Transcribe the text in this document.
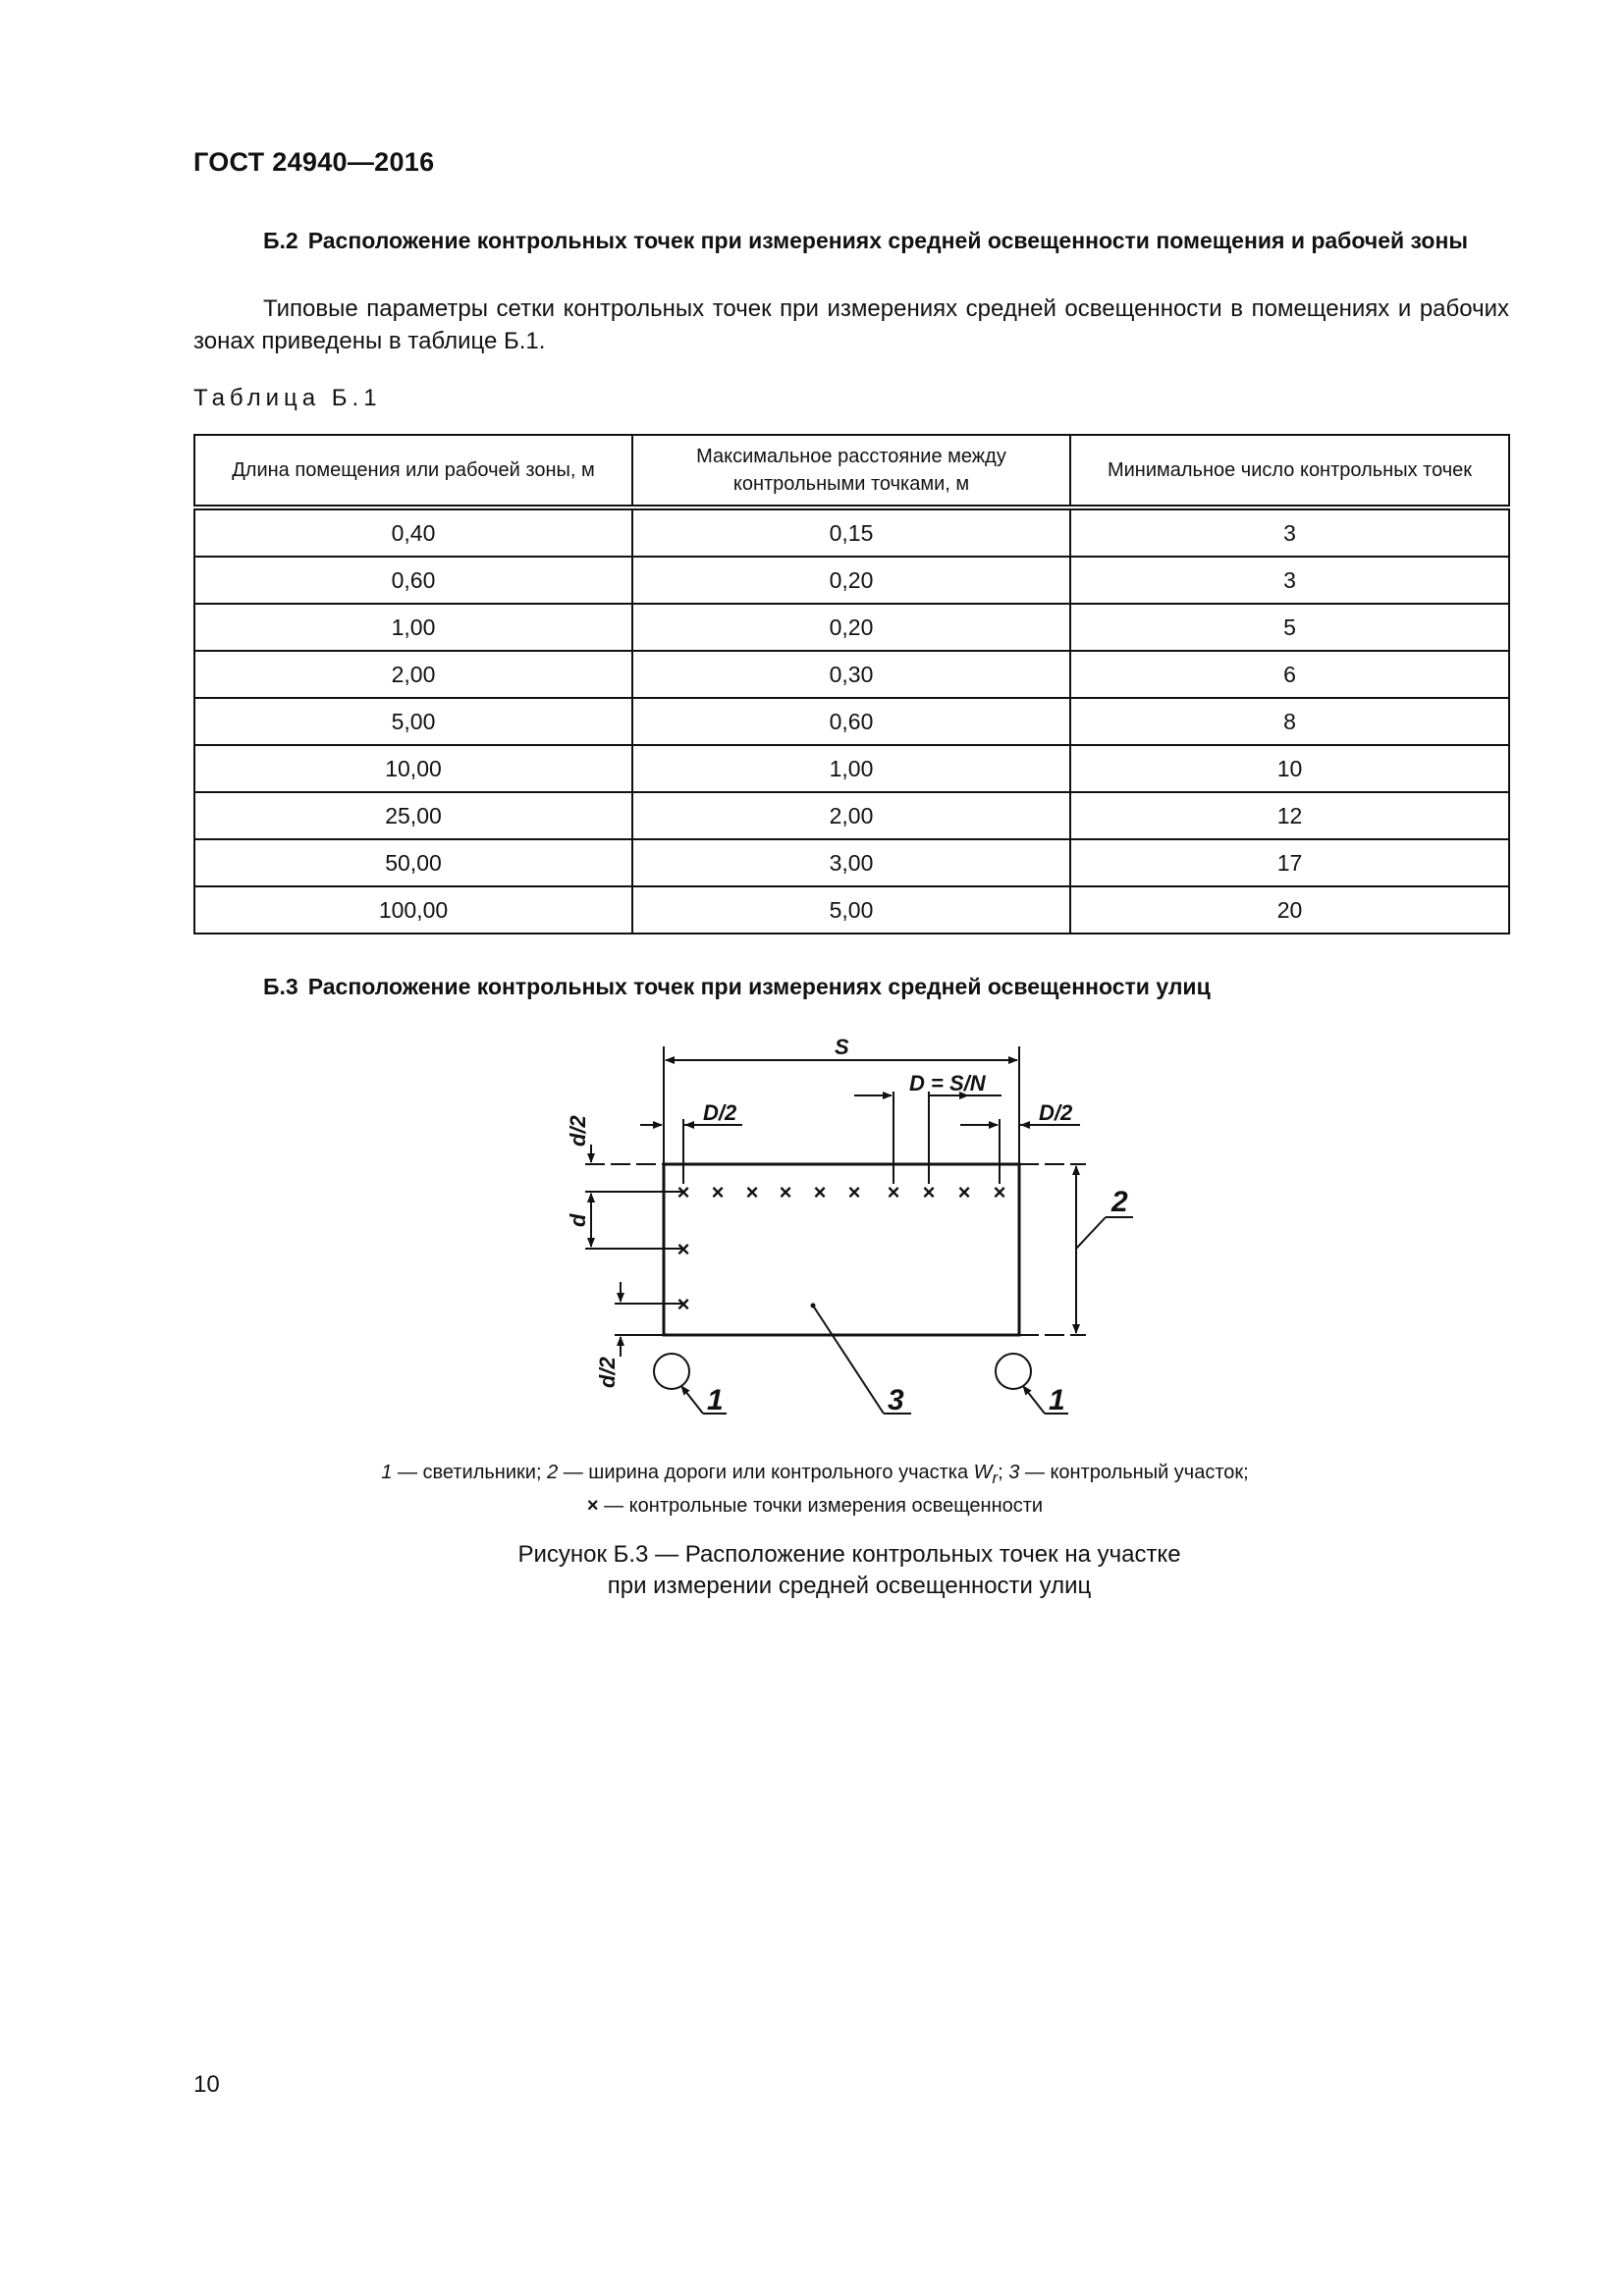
ГОСТ 24940—2016
Б.2 Расположение контрольных точек при измерениях средней освещенности помещения и рабочей зоны
Типовые параметры сетки контрольных точек при измерениях средней освещенности в помещениях и рабочих зонах приведены в таблице Б.1.
Таблица Б.1
Длина помещения или рабочей зоны, м	Максимальное расстояние между контрольными точками, м	Минимальное число контрольных точек
0,40	0,15	3
0,60	0,20	3
1,00	0,20	5
2,00	0,30	6
5,00	0,60	8
10,00	1,00	10
25,00	2,00	12
50,00	3,00	17
100,00	5,00	20
Б.3 Расположение контрольных точек при измерениях средней освещенности улиц
× × × × × × × × × ×
×
×
S
D = S/N
D/2	D/2
d/2
d
d/2
2
1	1
3
1 — светильники; 2 — ширина дороги или контрольного участка $W_r$; 3 — контрольный участок;
× — контрольные точки измерения освещенности
Рисунок Б.3 — Расположение контрольных точек на участке
при измерении средней освещенности улиц
10
